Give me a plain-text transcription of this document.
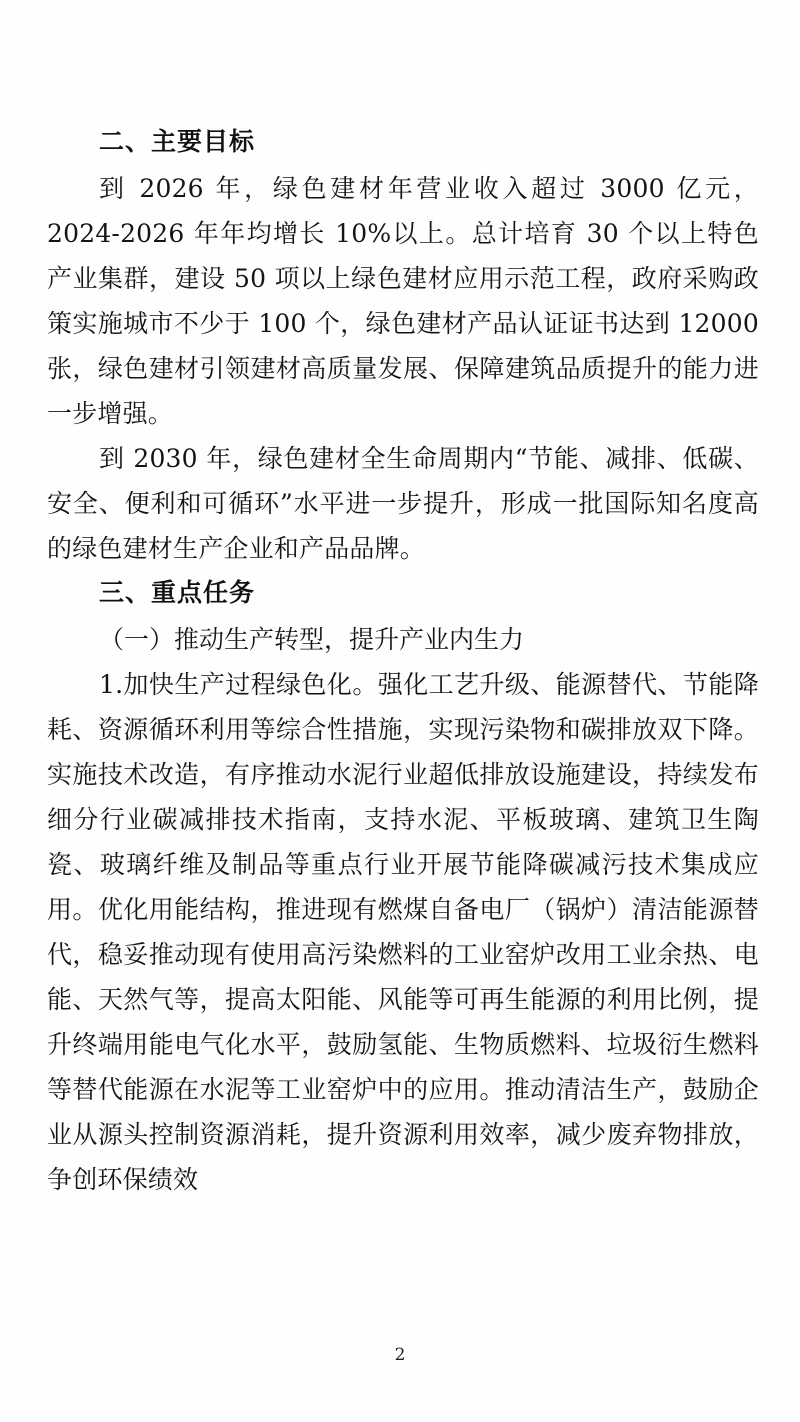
二、主要目标

到 2026 年，绿色建材年营业收入超过 3000 亿元，2024-2026 年年均增长 10%以上。总计培育 30 个以上特色产业集群，建设 50 项以上绿色建材应用示范工程，政府采购政策实施城市不少于 100 个，绿色建材产品认证证书达到 12000 张，绿色建材引领建材高质量发展、保障建筑品质提升的能力进一步增强。

到 2030 年，绿色建材全生命周期内“节能、减排、低碳、安全、便利和可循环”水平进一步提升，形成一批国际知名度高的绿色建材生产企业和产品品牌。

三、重点任务

（一）推动生产转型，提升产业内生力

1.加快生产过程绿色化。强化工艺升级、能源替代、节能降耗、资源循环利用等综合性措施，实现污染物和碳排放双下降。实施技术改造，有序推动水泥行业超低排放设施建设，持续发布细分行业碳减排技术指南，支持水泥、平板玻璃、建筑卫生陶瓷、玻璃纤维及制品等重点行业开展节能降碳减污技术集成应用。优化用能结构，推进现有燃煤自备电厂（锅炉）清洁能源替代，稳妥推动现有使用高污染燃料的工业窑炉改用工业余热、电能、天然气等，提高太阳能、风能等可再生能源的利用比例，提升终端用能电气化水平，鼓励氢能、生物质燃料、垃圾衍生燃料等替代能源在水泥等工业窑炉中的应用。推动清洁生产，鼓励企业从源头控制资源消耗，提升资源利用效率，减少废弃物排放，争创环保绩效

2
